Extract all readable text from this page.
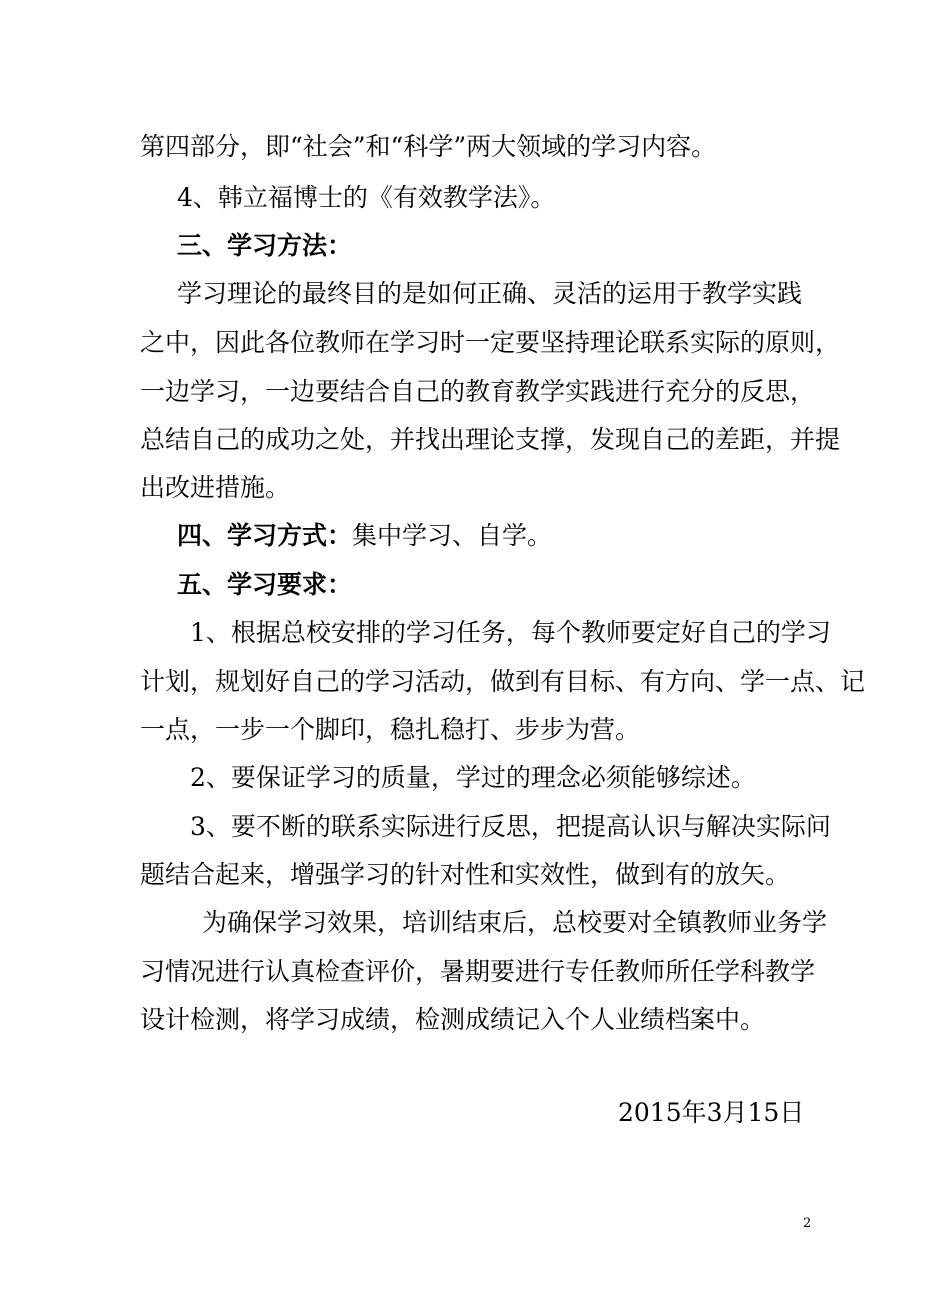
第四部分，即“社会”和“科学”两大领域的学习内容。
4、韩立福博士的《有效教学法》。
三、学习方法：
学习理论的最终目的是如何正确、灵活的运用于教学实践
之中，因此各位教师在学习时一定要坚持理论联系实际的原则，
一边学习，一边要结合自己的教育教学实践进行充分的反思，
总结自己的成功之处，并找出理论支撑，发现自己的差距，并提
出改进措施。
四、学习方式：集中学习、自学。
五、学习要求：
1、根据总校安排的学习任务，每个教师要定好自己的学习
计划，规划好自己的学习活动，做到有目标、有方向、学一点、记
一点，一步一个脚印，稳扎稳打、步步为营。
2、要保证学习的质量，学过的理念必须能够综述。
3、要不断的联系实际进行反思，把提高认识与解决实际问
题结合起来，增强学习的针对性和实效性，做到有的放矢。
为确保学习效果，培训结束后，总校要对全镇教师业务学
习情况进行认真检查评价，暑期要进行专任教师所任学科教学
设计检测，将学习成绩，检测成绩记入个人业绩档案中。
2015年3月15日
2
